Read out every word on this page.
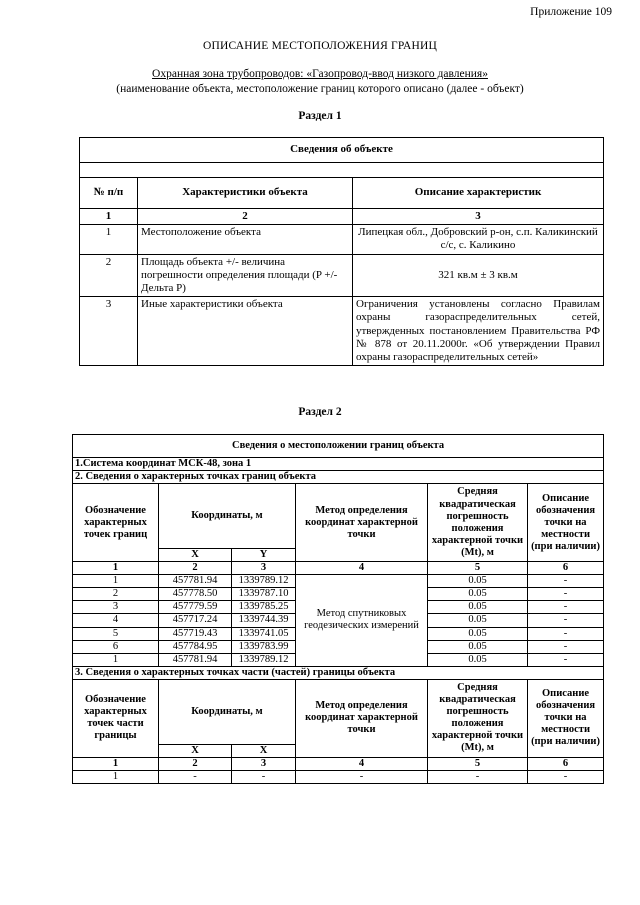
Приложение 109
ОПИСАНИЕ МЕСТОПОЛОЖЕНИЯ ГРАНИЦ
Охранная зона трубопроводов: «Газопровод-ввод низкого давления»
(наименование объекта, местоположение границ которого описано (далее - объект)
Раздел 1
Сведения об объекте		

№ п/п	Характеристики объекта	Описание характеристик
1	2	3
1	Местоположение объекта	Липецкая обл., Добровский р-он, с.п. Каликинский с/с, с. Каликино
2	Площадь объекта +/- величина погрешности определения площади (P +/- Дельта P)	321 кв.м ± 3 кв.м
3	Иные характеристики объекта	Ограничения установлены согласно Правилам охраны газораспределительных сетей, утвержденных постановлением Правительства РФ № 878 от 20.11.2000г. «Об утверждении Правил охраны газораспределительных сетей»
Раздел 2
Сведения о местоположении границ объекта					
1.Система координат МСК-48, зона 1					
2. Сведения о характерных точках границ объекта					
Обозначение характерных точек границ	Координаты, м		Метод определения координат характерной точки	Средняя квадратическая погрешность положения характерной точки (Mt), м	Описание обозначения точки на местности (при наличии)
	X	Y			
1	2	3	4	5	6
1	457781.94	1339789.12	Метод спутниковых геодезических измерений	0.05	-
2	457778.50	1339787.10		0.05	-
3	457779.59	1339785.25		0.05	-
4	457717.24	1339744.39		0.05	-
5	457719.43	1339741.05		0.05	-
6	457784.95	1339783.99		0.05	-
1	457781.94	1339789.12		0.05	-
3. Сведения о характерных точках части (частей) границы объекта					
Обозначение характерных точек части границы	Координаты, м		Метод определения координат характерной точки	Средняя квадратическая погрешность положения характерной точки (Mt), м	Описание обозначения точки на местности (при наличии)
	X	X			
1	2	3	4	5	6
1	-	-	-	-	-
